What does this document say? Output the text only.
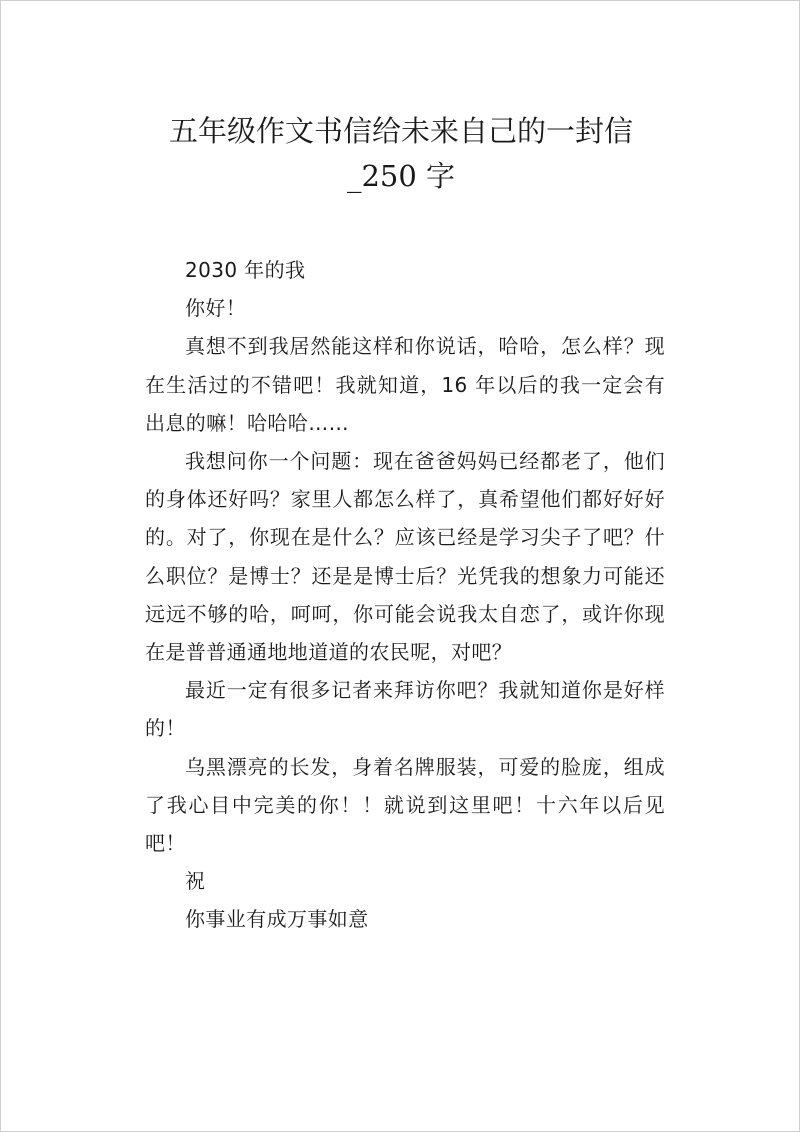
五年级作文书信给未来自己的一封信
_250 字

2030 年的我

你好！

真想不到我居然能这样和你说话，哈哈，怎么样？现在生活过的不错吧！我就知道，16 年以后的我一定会有出息的嘛！哈哈哈……

我想问你一个问题：现在爸爸妈妈已经都老了，他们的身体还好吗？家里人都怎么样了，真希望他们都好好好的。对了，你现在是什么？应该已经是学习尖子了吧？什么职位？是博士？还是是博士后？光凭我的想象力可能还远远不够的哈，呵呵，你可能会说我太自恋了，或许你现在是普普通通地地道道的农民呢，对吧？

最近一定有很多记者来拜访你吧？我就知道你是好样的！

乌黑漂亮的长发，身着名牌服装，可爱的脸庞，组成了我心目中完美的你！！就说到这里吧！十六年以后见吧！

祝

你事业有成万事如意
